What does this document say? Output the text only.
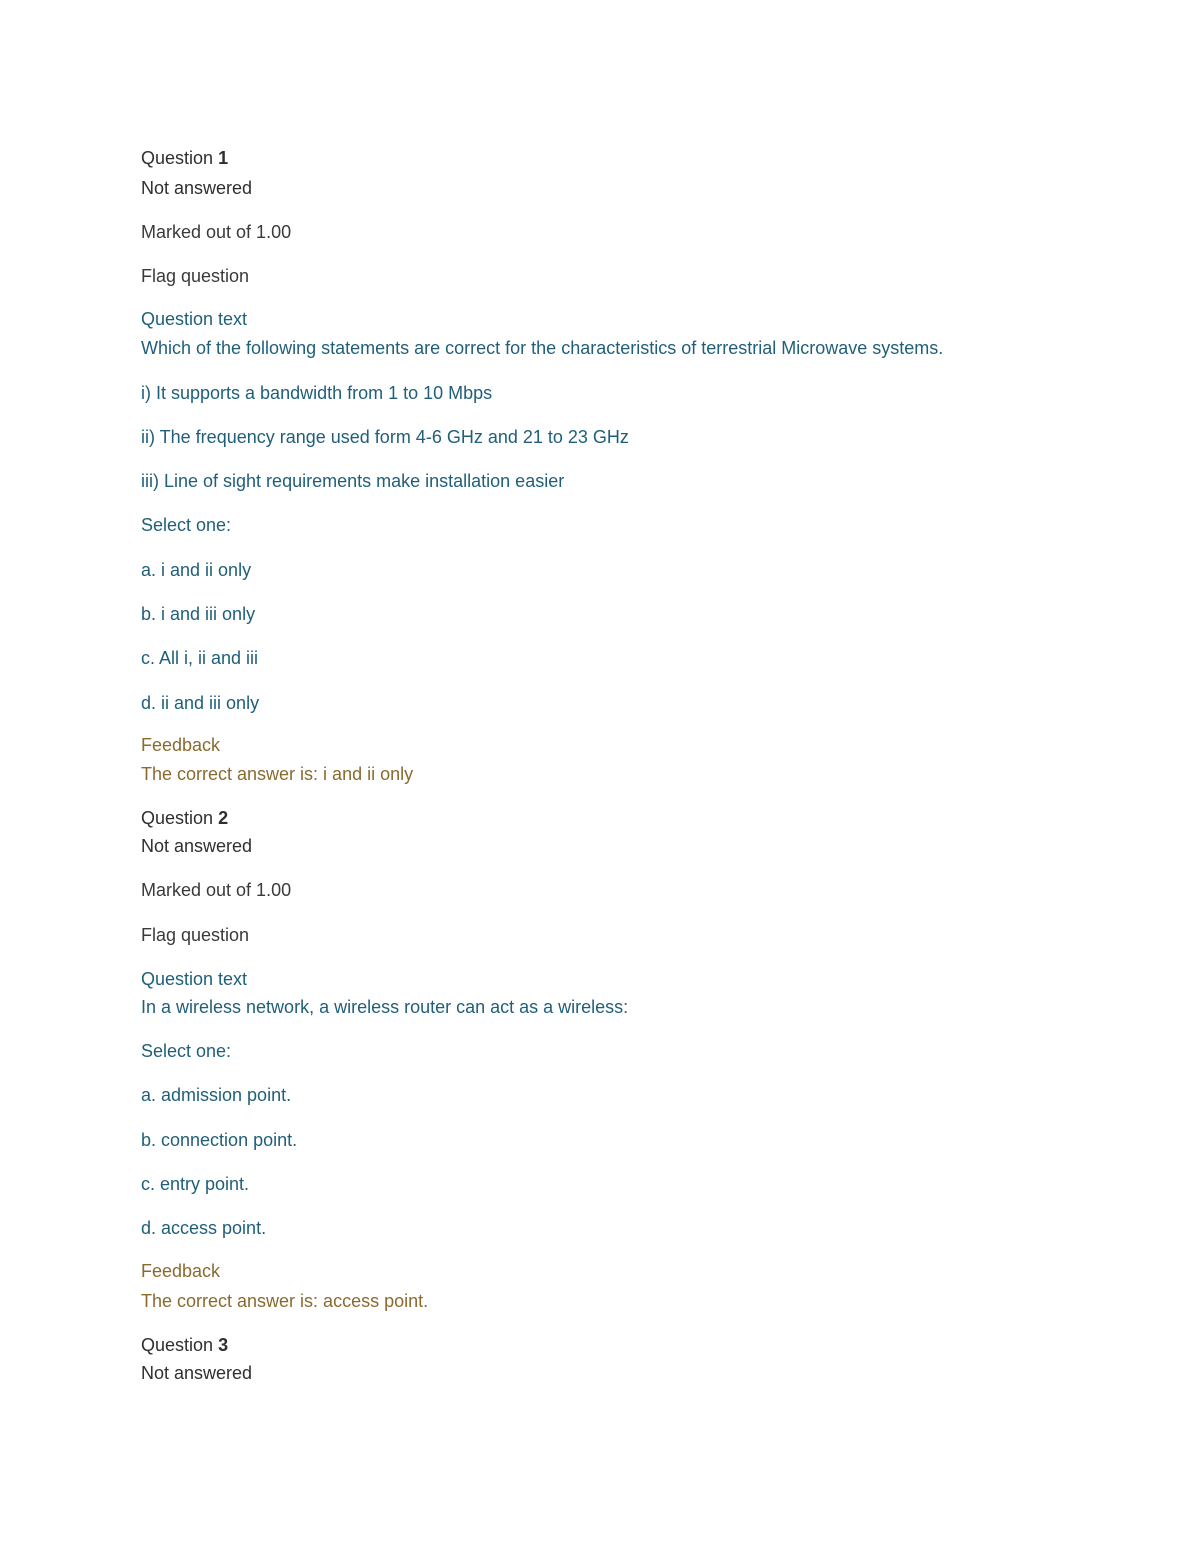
Question 1
Not answered
Marked out of 1.00
Flag question
Question text
Which of the following statements are correct for the characteristics of terrestrial Microwave systems.
i) It supports a bandwidth from 1 to 10 Mbps
ii) The frequency range used form 4-6 GHz and 21 to 23 GHz
iii) Line of sight requirements make installation easier
Select one:
a. i and ii only
b. i and iii only
c. All i, ii and iii
d. ii and iii only
Feedback
The correct answer is: i and ii only
Question 2
Not answered
Marked out of 1.00
Flag question
Question text
In a wireless network, a wireless router can act as a wireless:
Select one:
a. admission point.
b. connection point.
c. entry point.
d. access point.
Feedback
The correct answer is: access point.
Question 3
Not answered
